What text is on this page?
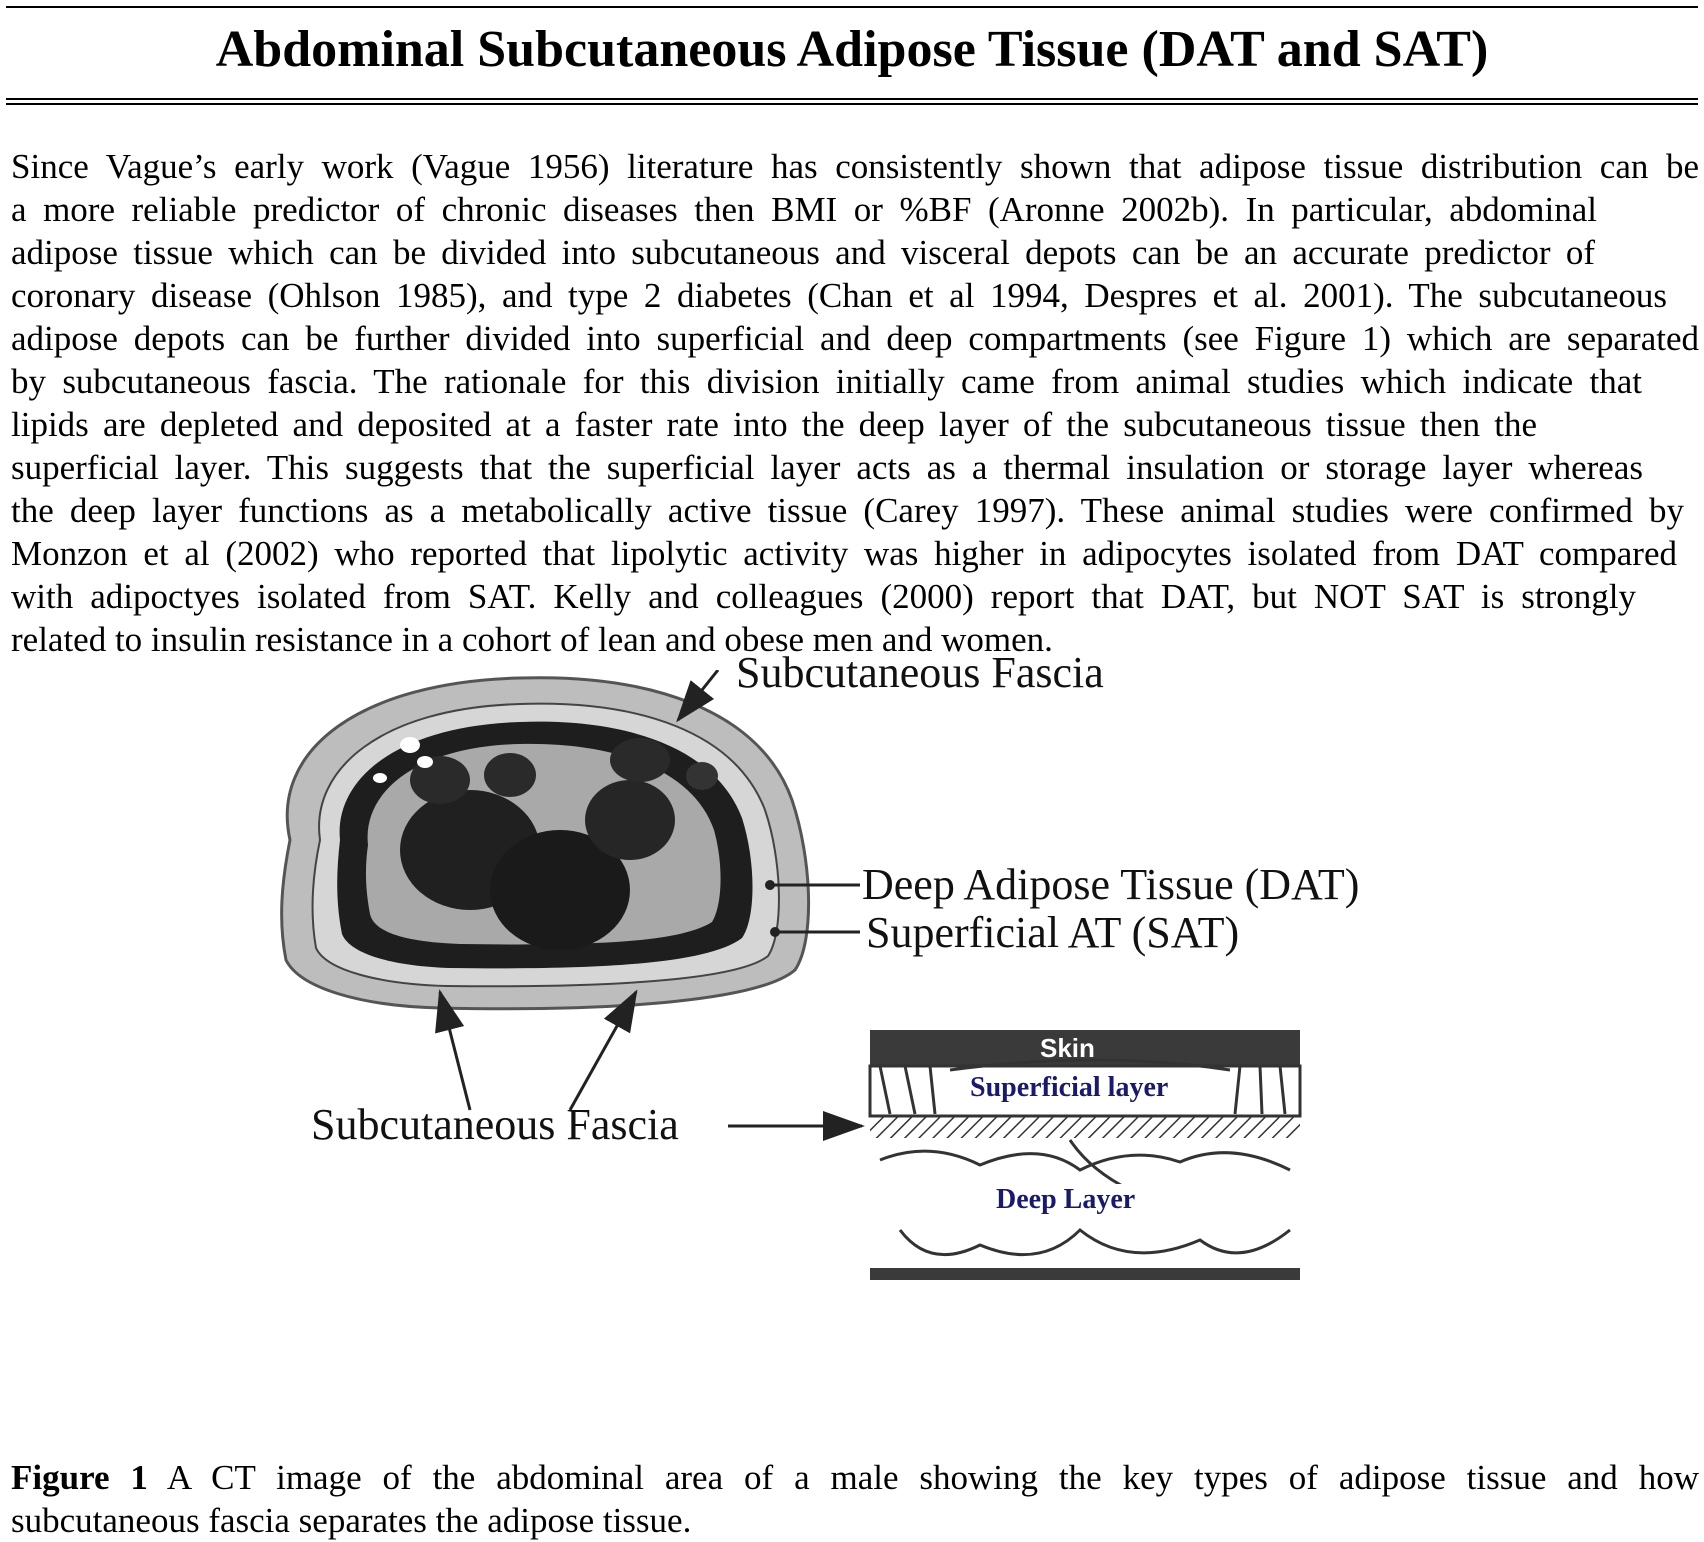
Abdominal Subcutaneous Adipose Tissue (DAT and SAT)

Since Vague’s early work (Vague 1956) literature has consistently shown that adipose tissue distribution can be
a more reliable predictor of chronic diseases then BMI or %BF (Aronne 2002b). In particular, abdominal
adipose tissue which can be divided into subcutaneous and visceral depots can be an accurate predictor of
coronary disease (Ohlson 1985), and type 2 diabetes (Chan et al 1994, Despres et al. 2001). The subcutaneous
adipose depots can be further divided into superficial and deep compartments (see Figure 1) which are separated
by subcutaneous fascia. The rationale for this division initially came from animal studies which indicate that
lipids are depleted and deposited at a faster rate into the deep layer of the subcutaneous tissue then the
superficial layer. This suggests that the superficial layer acts as a thermal insulation or storage layer whereas
the deep layer functions as a metabolically active tissue (Carey 1997). These animal studies were confirmed by
Monzon et al (2002) who reported that lipolytic activity was higher in adipocytes isolated from DAT compared
with adipoctyes isolated from SAT. Kelly and colleagues (2000) report that DAT, but NOT SAT is strongly
related to insulin resistance in a cohort of lean and obese men and women.

Subcutaneous Fascia
Deep Adipose Tissue (DAT)
Superficial AT (SAT)
Subcutaneous Fascia
Skin
Superficial layer
Deep Layer
Figure 1 A CT image of the abdominal area of a male showing the key types of adipose tissue and how
subcutaneous fascia separates the adipose tissue.
